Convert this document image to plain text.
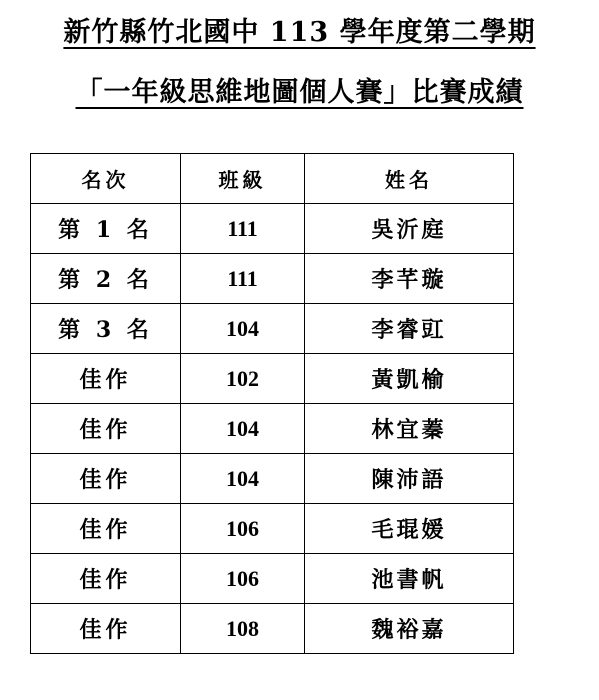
新竹縣竹北國中 113 學年度第二學期
「一年級思維地圖個人賽」比賽成績
名次	班級	姓名
第 1 名	111	吳沂庭
第 2 名	111	李芊璇
第 3 名	104	李睿豇
佳作	102	黃凱榆
佳作	104	林宜蓁
佳作	104	陳沛語
佳作	106	毛琨媛
佳作	106	池書帆
佳作	108	魏裕嘉
